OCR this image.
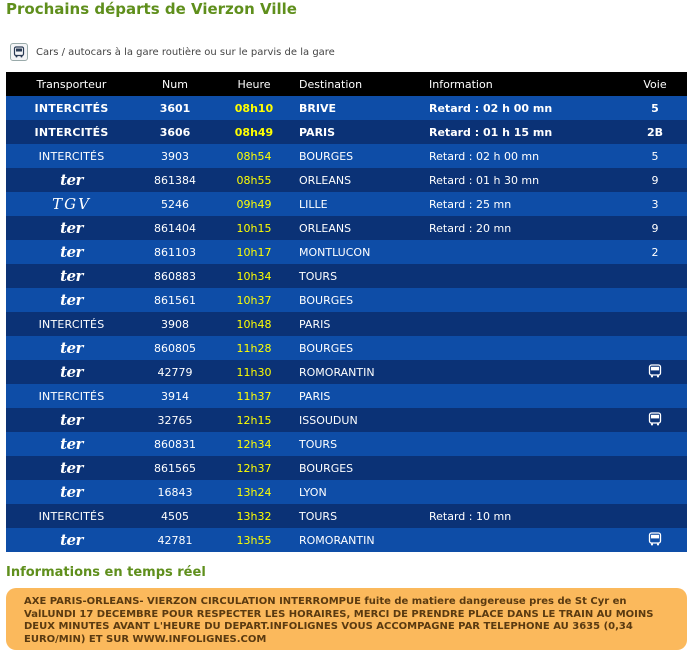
Prochains départs de Vierzon Ville
Cars / autocars à la gare routière ou sur le parvis de la gare
Transporteur	Num	Heure	Destination	Information	Voie
INTERCITÉS	3601	08h10	BRIVE	Retard : 02 h 00 mn	5
INTERCITÉS	3606	08h49	PARIS	Retard : 01 h 15 mn	2B
INTERCITÉS	3903	08h54	BOURGES	Retard : 02 h 00 mn	5
ter	861384	08h55	ORLEANS	Retard : 01 h 30 mn	9
TGV	5246	09h49	LILLE	Retard : 25 mn	3
ter	861404	10h15	ORLEANS	Retard : 20 mn	9
ter	861103	10h17	MONTLUCON		2
ter	860883	10h34	TOURS		
ter	861561	10h37	BOURGES		
INTERCITÉS	3908	10h48	PARIS		
ter	860805	11h28	BOURGES		
ter	42779	11h30	ROMORANTIN		
INTERCITÉS	3914	11h37	PARIS		
ter	32765	12h15	ISSOUDUN		
ter	860831	12h34	TOURS		
ter	861565	12h37	BOURGES		
ter	16843	13h24	LYON		
INTERCITÉS	4505	13h32	TOURS	Retard : 10 mn	
ter	42781	13h55	ROMORANTIN		
Informations en temps réel

AXE PARIS-ORLEANS- VIERZON CIRCULATION INTERROMPUE fuite de matiere dangereuse pres de St Cyr en ValLUNDI 17 DECEMBRE POUR RESPECTER LES HORAIRES, MERCI DE PRENDRE PLACE DANS LE TRAIN AU MOINS DEUX MINUTES AVANT L'HEURE DU DEPART.INFOLIGNES VOUS ACCOMPAGNE PAR TELEPHONE AU 3635 (0,34 EURO/MIN) ET SUR WWW.INFOLIGNES.COM
